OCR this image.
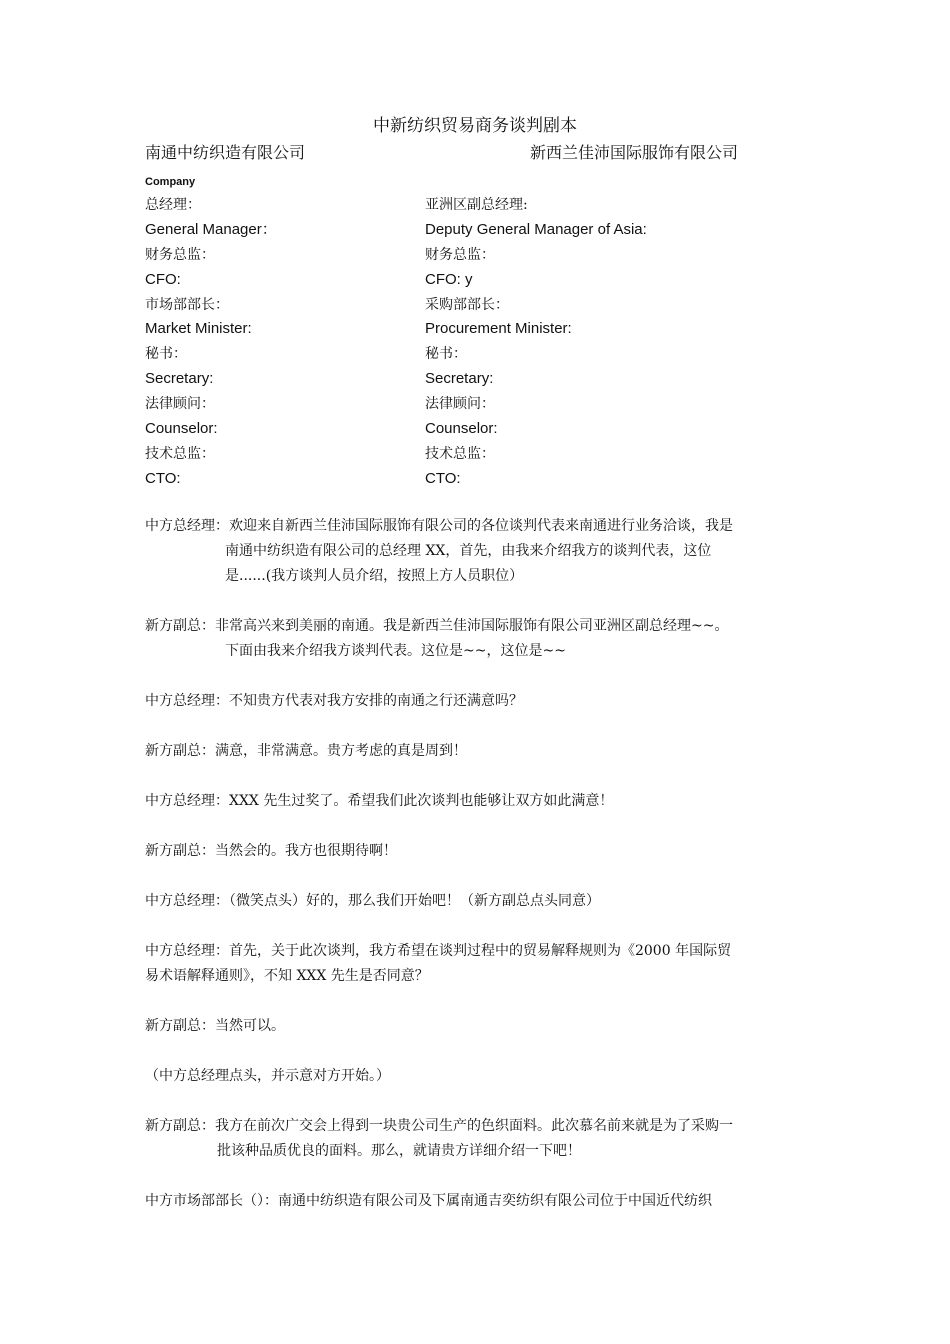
中新纺织贸易商务谈判剧本
南通中纺织造有限公司	新西兰佳沛国际服饰有限公司
Company
总经理：	亚洲区副总经理:
General Manager：	Deputy General Manager of Asia:
财务总监：	财务总监：
CFO:	CFO: y
市场部部长：	采购部部长：
Market Minister:	Procurement Minister:
秘书：	秘书：
Secretary:	Secretary:
法律顾问：	法律顾问：
Counselor:	Counselor:
技术总监：	技术总监：
CTO:	CTO:
中方总经理：欢迎来自新西兰佳沛国际服饰有限公司的各位谈判代表来南通进行业务洽谈，我是
南通中纺织造有限公司的总经理 XX，首先，由我来介绍我方的谈判代表，这位
是......(我方谈判人员介绍，按照上方人员职位）
新方副总：非常高兴来到美丽的南通。我是新西兰佳沛国际服饰有限公司亚洲区副总经理~~。
下面由我来介绍我方谈判代表。这位是~~，这位是~~
中方总经理：不知贵方代表对我方安排的南通之行还满意吗？
新方副总：满意，非常满意。贵方考虑的真是周到！
中方总经理：XXX 先生过奖了。希望我们此次谈判也能够让双方如此满意！
新方副总：当然会的。我方也很期待啊！
中方总经理：（微笑点头）好的，那么我们开始吧！（新方副总点头同意）
中方总经理：首先，关于此次谈判，我方希望在谈判过程中的贸易解释规则为《2000 年国际贸
易术语解释通则》，不知 XXX 先生是否同意？
新方副总：当然可以。
（中方总经理点头，并示意对方开始。）
新方副总：我方在前次广交会上得到一块贵公司生产的色织面料。此次慕名前来就是为了采购一
批该种品质优良的面料。那么，就请贵方详细介绍一下吧！
中方市场部部长（）：南通中纺织造有限公司及下属南通吉奕纺织有限公司位于中国近代纺织
